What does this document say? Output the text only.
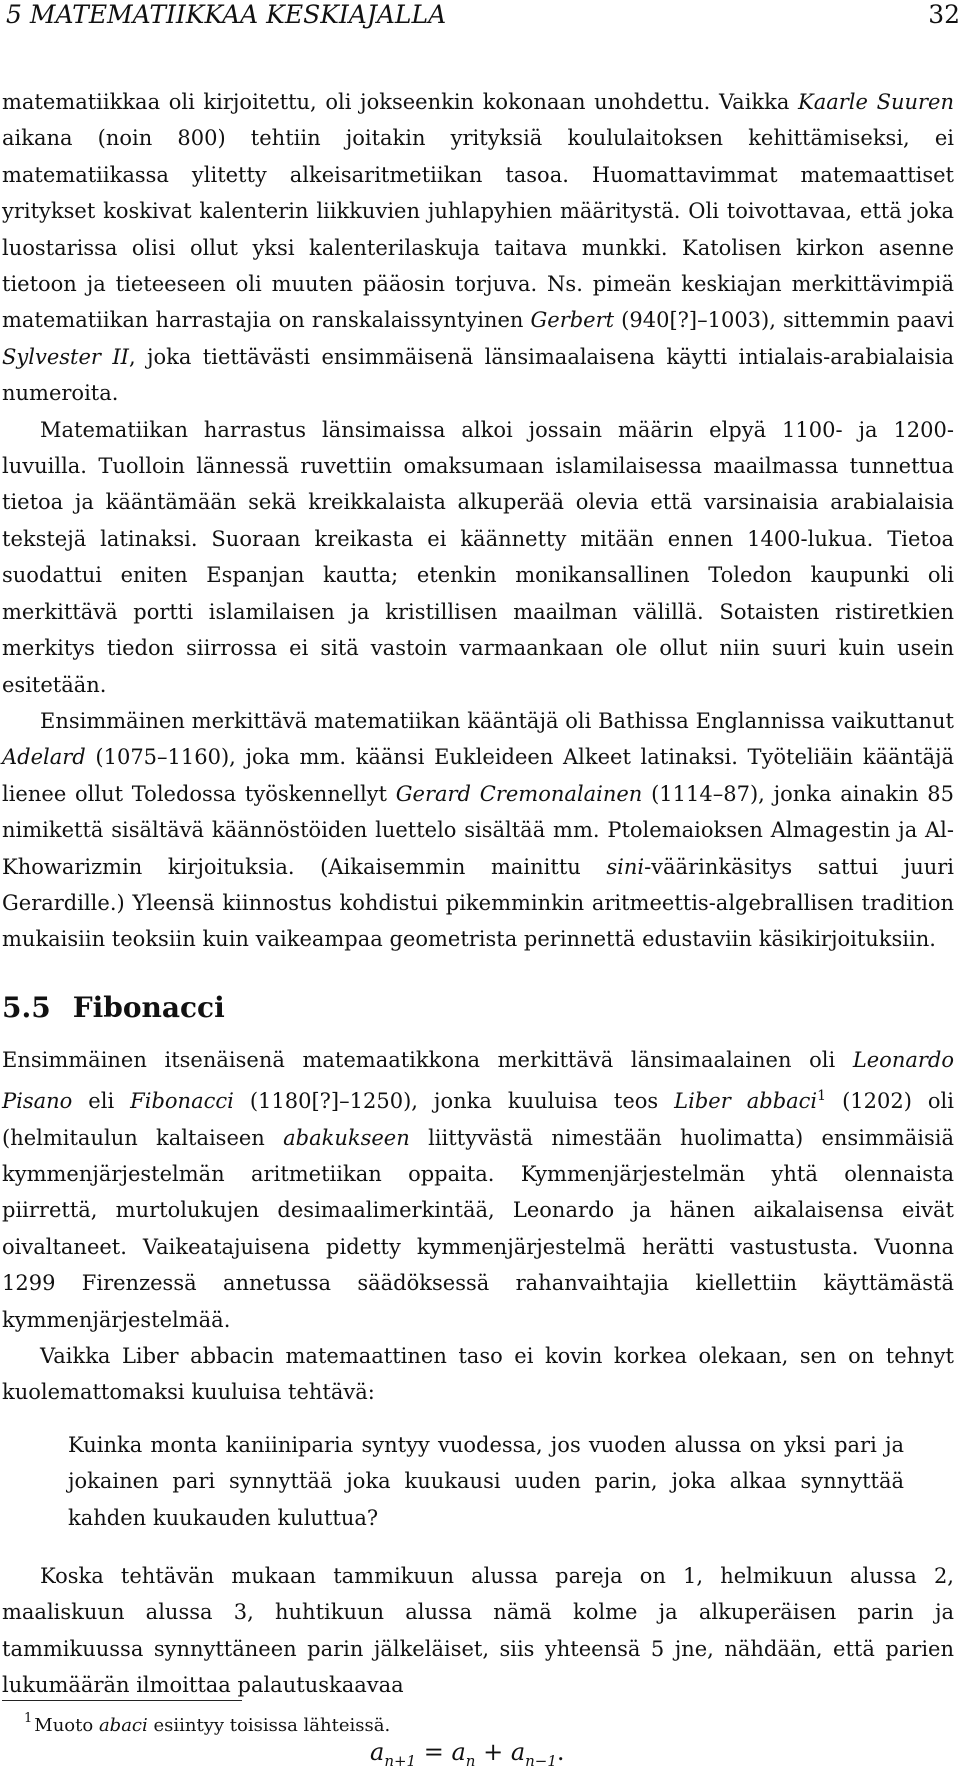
5 MATEMATIIKKAA KESKIAJALLA	32

matematiikkaa oli kirjoitettu, oli jokseenkin kokonaan unohdettu. Vaikka Kaarle Suuren aikana (noin 800) tehtiin joitakin yrityksiä koululaitoksen kehittämiseksi, ei matematiikassa ylitetty alkeisaritmetiikan tasoa. Huomattavimmat matemaattiset yritykset koskivat kalenterin liikkuvien juhlapyhien määritystä. Oli toivottavaa, että joka luostarissa olisi ollut yksi kalenterilaskuja taitava munkki. Katolisen kirkon asenne tietoon ja tieteeseen oli muuten pääosin torjuva. Ns. pimeän keskiajan merkittävimpiä matematiikan harrastajia on ranskalaissyntyinen Gerbert (940[?]–1003), sittemmin paavi Sylvester II, joka tiettävästi ensimmäisenä länsimaalaisena käytti intialais-arabialaisia numeroita.

Matematiikan harrastus länsimaissa alkoi jossain määrin elpyä 1100- ja 1200-luvuilla. Tuolloin lännessä ruvettiin omaksumaan islamilaisessa maailmassa tunnettua tietoa ja kääntämään sekä kreikkalaista alkuperää olevia että varsinaisia arabialaisia tekstejä latinaksi. Suoraan kreikasta ei käännetty mitään ennen 1400-lukua. Tietoa suodattui eniten Espanjan kautta; etenkin monikansallinen Toledon kaupunki oli merkittävä portti islamilaisen ja kristillisen maailman välillä. Sotaisten ristiretkien merkitys tiedon siirrossa ei sitä vastoin varmaankaan ole ollut niin suuri kuin usein esitetään.

Ensimmäinen merkittävä matematiikan kääntäjä oli Bathissa Englannissa vaikuttanut Adelard (1075–1160), joka mm. käänsi Eukleideen Alkeet latinaksi. Työteliäin kääntäjä lienee ollut Toledossa työskennellyt Gerard Cremonalainen (1114–87), jonka ainakin 85 nimikettä sisältävä käännöstöiden luettelo sisältää mm. Ptolemaioksen Almagestin ja Al-Khowarizmin kirjoituksia. (Aikaisemmin mainittu sini-väärinkäsitys sattui juuri Gerardille.) Yleensä kiinnostus kohdistui pikemminkin aritmeettis-algebrallisen tradition mukaisiin teoksiin kuin vaikeampaa geometrista perinnettä edustaviin käsikirjoituksiin.

5.5 Fibonacci

Ensimmäinen itsenäisenä matemaatikkona merkittävä länsimaalainen oli Leonardo Pisano eli Fibonacci (1180[?]–1250), jonka kuuluisa teos Liber abbaci$^1$ (1202) oli (helmitaulun kaltaiseen abakukseen liittyvästä nimestään huolimatta) ensimmäisiä kymmenjärjestelmän aritmetiikan oppaita. Kymmenjärjestelmän yhtä olennaista piirrettä, murtolukujen desimaalimerkintää, Leonardo ja hänen aikalaisensa eivät oivaltaneet. Vaikeatajuisena pidetty kymmenjärjestelmä herätti vastustusta. Vuonna 1299 Firenzessä annetussa säädöksessä rahanvaihtajia kiellettiin käyttämästä kymmenjärjestelmää.

Vaikka Liber abbacin matemaattinen taso ei kovin korkea olekaan, sen on tehnyt kuolemattomaksi kuuluisa tehtävä:

Kuinka monta kaniiniparia syntyy vuodessa, jos vuoden alussa on yksi pari ja jokainen pari synnyttää joka kuukausi uuden parin, joka alkaa synnyttää kahden kuukauden kuluttua?

Koska tehtävän mukaan tammikuun alussa pareja on 1, helmikuun alussa 2, maaliskuun alussa 3, huhtikuun alussa nämä kolme ja alkuperäisen parin ja tammikuussa synnyttäneen parin jälkeläiset, siis yhteensä 5 jne, nähdään, että parien lukumäärän ilmoittaa palautuskaavaa

$a_{n+1} = a_n + a_{n-1}$.
$^1$ Muoto abaci esiintyy toisissa lähteissä.
